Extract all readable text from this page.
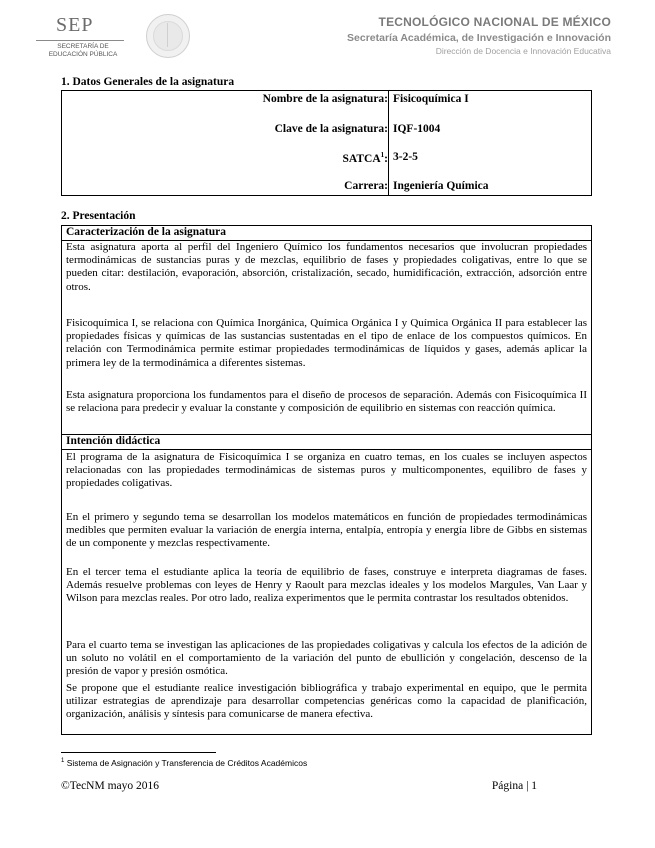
SEP
SECRETARÍA DE EDUCACIÓN PÚBLICA
TECNOLÓGICO NACIONAL DE MÉXICO
Secretaría Académica, de Investigación e Innovación
Dirección de Docencia e Innovación Educativa
1. Datos Generales de la asignatura
Nombre de la asignatura: Fisicoquímica I
Clave de la asignatura: IQF-1004
SATCA$^1$: 3-2-5
Carrera: Ingeniería Química
2. Presentación
Caracterización de la asignatura
Esta asignatura aporta al perfil del Ingeniero Químico los fundamentos necesarios que involucran propiedades termodinámicas de sustancias puras y de mezclas, equilibrio de fases y propiedades coligativas, entre lo que se pueden citar: destilación, evaporación, absorción, cristalización, secado, humidificación, extracción, adsorción entre otros.
Fisicoquímica I, se relaciona con Química Inorgánica, Química Orgánica I y Química Orgánica II para establecer las propiedades físicas y químicas de las sustancias sustentadas en el tipo de enlace de los compuestos químicos. En relación con Termodinámica permite estimar propiedades termodinámicas de líquidos y gases, además aplicar la primera ley de la termodinámica a diferentes sistemas.
Esta asignatura proporciona los fundamentos para el diseño de procesos de separación. Además con Fisicoquímica II se relaciona para predecir y evaluar la constante y composición de equilibrio en sistemas con reacción química.
Intención didáctica
El programa de la asignatura de Fisicoquímica I se organiza en cuatro temas, en los cuales se incluyen aspectos relacionadas con las propiedades termodinámicas de sistemas puros y multicomponentes, equilibro de fases y propiedades coligativas.
En el primero y segundo tema se desarrollan los modelos matemáticos en función de propiedades termodinámicas medibles que permiten evaluar la variación de energía interna, entalpía, entropía y energía libre de Gibbs en sistemas de un componente y mezclas respectivamente.
En el tercer tema el estudiante aplica la teoría de equilibrio de fases, construye e interpreta diagramas de fases. Además resuelve problemas con leyes de Henry y Raoult para mezclas ideales y los modelos Margules, Van Laar y Wilson para mezclas reales. Por otro lado, realiza experimentos que le permita contrastar los resultados obtenidos.
Para el cuarto tema se investigan las aplicaciones de las propiedades coligativas y calcula los efectos de la adición de un soluto no volátil en el comportamiento de la variación del punto de ebullición y congelación, descenso de la presión de vapor y presión osmótica.
Se propone que el estudiante realice investigación bibliográfica y trabajo experimental en equipo, que le permita utilizar estrategias de aprendizaje para desarrollar competencias genéricas como la capacidad de planificación, organización, análisis y síntesis para comunicarse de manera efectiva.
$^1$ Sistema de Asignación y Transferencia de Créditos Académicos
©TecNM mayo 2016	Página | 1
